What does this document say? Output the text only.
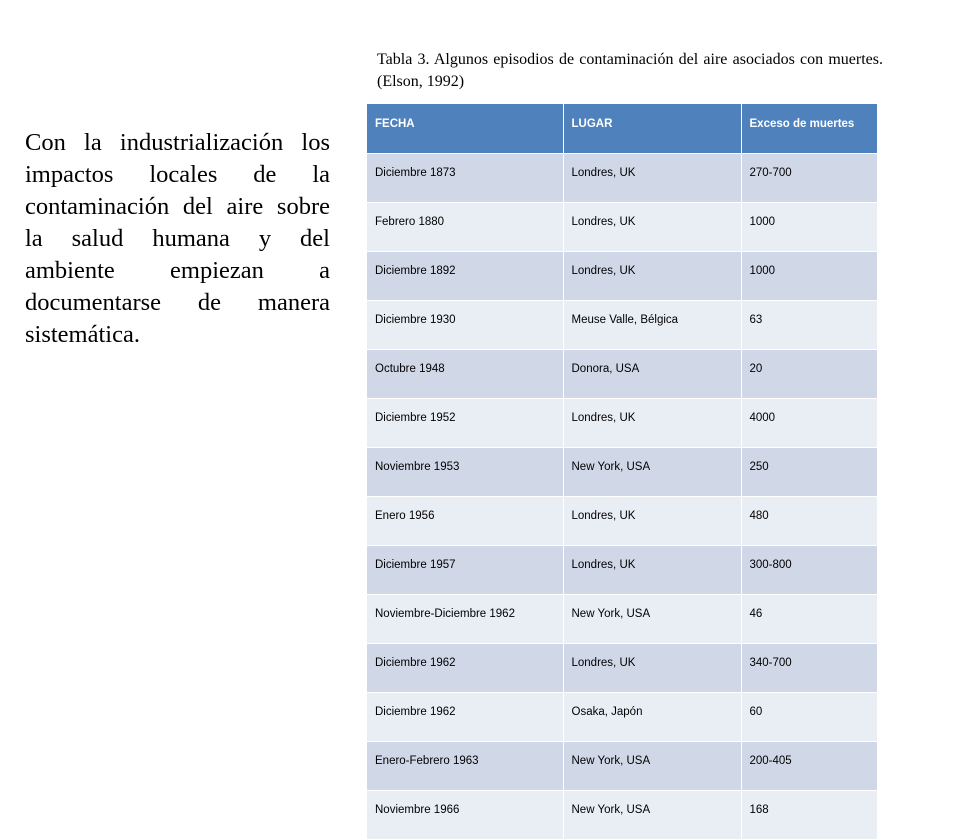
Tabla 3. Algunos episodios de contaminación del aire asociados con muertes. (Elson, 1992)
Con la industrialización los impactos locales de la contaminación del aire sobre la salud humana y del ambiente empiezan a documentarse de manera sistemática.
FECHA	LUGAR	Exceso de muertes
Diciembre 1873	Londres, UK	270-700
Febrero 1880	Londres, UK	1000
Diciembre 1892	Londres, UK	1000
Diciembre 1930	Meuse Valle, Bélgica	63
Octubre 1948	Donora, USA	20
Diciembre 1952	Londres, UK	4000
Noviembre 1953	New York, USA	250
Enero 1956	Londres, UK	480
Diciembre 1957	Londres, UK	300-800
Noviembre-Diciembre 1962	New York, USA	46
Diciembre 1962	Londres, UK	340-700
Diciembre 1962	Osaka, Japón	60
Enero-Febrero 1963	New York, USA	200-405
Noviembre 1966	New York, USA	168
